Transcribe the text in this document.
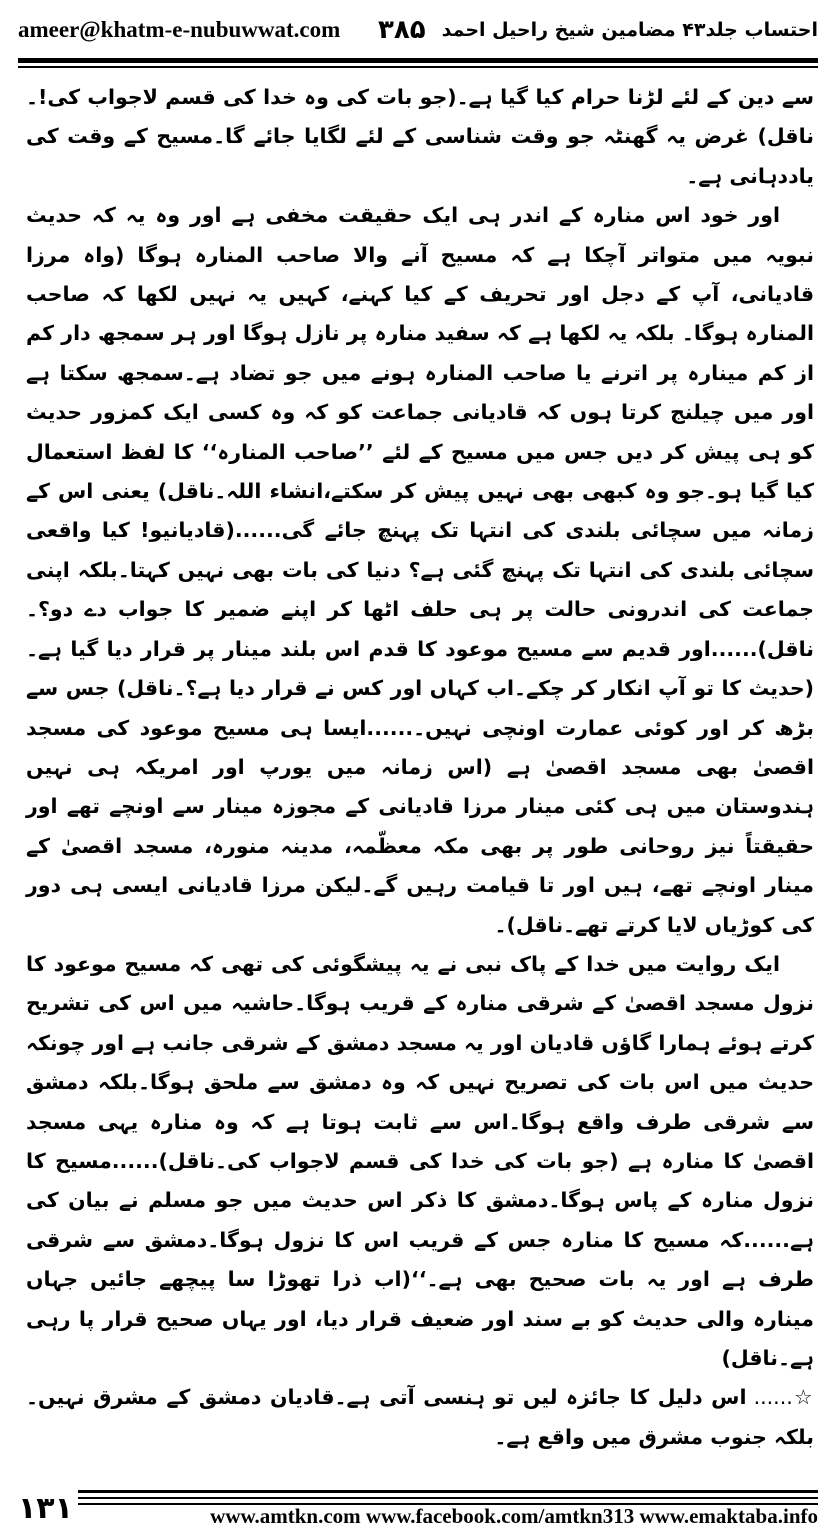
ameer@khatm-e-nubuwwat.com	احتساب جلد۴۳ مضامین شیخ راحیل احمد
۳۸۵

سے دین کے لئے لڑنا حرام کیا گیا ہے۔(جو بات کی وہ خدا کی قسم لاجواب کی!۔ناقل) غرض یہ گھنٹہ جو وقت شناسی کے لئے لگایا جائے گا۔مسیح کے وقت کی یاددہانی ہے۔

اور خود اس منارہ کے اندر ہی ایک حقیقت مخفی ہے اور وہ یہ کہ حدیث نبویہ میں متواتر آچکا ہے کہ مسیح آنے والا صاحب المنارہ ہوگا (واہ مرزا قادیانی، آپ کے دجل اور تحریف کے کیا کہنے، کہیں یہ نہیں لکھا کہ صاحب المنارہ ہوگا۔ بلکہ یہ لکھا ہے کہ سفید منارہ پر نازل ہوگا اور ہر سمجھ دار کم از کم مینارہ پر اترنے یا صاحب المنارہ ہونے میں جو تضاد ہے۔سمجھ سکتا ہے اور میں چیلنج کرتا ہوں کہ قادیانی جماعت کو کہ وہ کسی ایک کمزور حدیث کو ہی پیش کر دیں جس میں مسیح کے لئے ’’صاحب المنارہ‘‘ کا لفظ استعمال کیا گیا ہو۔جو وہ کبھی بھی نہیں پیش کر سکتے،انشاء اللہ۔ناقل) یعنی اس کے زمانہ میں سچائی بلندی کی انتہا تک پہنچ جائے گی......(قادیانیو! کیا واقعی سچائی بلندی کی انتہا تک پہنچ گئی ہے؟ دنیا کی بات بھی نہیں کہتا۔بلکہ اپنی جماعت کی اندرونی حالت پر ہی حلف اٹھا کر اپنے ضمیر کا جواب دے دو؟۔ناقل)......اور قدیم سے مسیح موعود کا قدم اس بلند مینار پر قرار دیا گیا ہے۔(حدیث کا تو آپ انکار کر چکے۔اب کہاں اور کس نے قرار دیا ہے؟۔ناقل) جس سے بڑھ کر اور کوئی عمارت اونچی نہیں۔......ایسا ہی مسیح موعود کی مسجد اقصیٰ بھی مسجد اقصیٰ ہے (اس زمانہ میں یورپ اور امریکہ ہی نہیں ہندوستان میں ہی کئی مینار مرزا قادیانی کے مجوزہ مینار سے اونچے تھے اور حقیقتاً نیز روحانی طور پر بھی مکہ معظّمہ، مدینہ منورہ، مسجد اقصیٰ کے مینار اونچے تھے، ہیں اور تا قیامت رہیں گے۔لیکن مرزا قادیانی ایسی ہی دور کی کوڑیاں لایا کرتے تھے۔ناقل)۔

ایک روایت میں خدا کے پاک نبی نے یہ پیشگوئی کی تھی کہ مسیح موعود کا نزول مسجد اقصیٰ کے شرقی منارہ کے قریب ہوگا۔حاشیہ میں اس کی تشریح کرتے ہوئے ہمارا گاؤں قادیان اور یہ مسجد دمشق کے شرقی جانب ہے اور چونکہ حدیث میں اس بات کی تصریح نہیں کہ وہ دمشق سے ملحق ہوگا۔بلکہ دمشق سے شرقی طرف واقع ہوگا۔اس سے ثابت ہوتا ہے کہ وہ منارہ یہی مسجد اقصیٰ کا منارہ ہے (جو بات کی خدا کی قسم لاجواب کی۔ناقل)......مسیح کا نزول منارہ کے پاس ہوگا۔دمشق کا ذکر اس حدیث میں جو مسلم نے بیان کی ہے......کہ مسیح کا منارہ جس کے قریب اس کا نزول ہوگا۔دمشق سے شرقی طرف ہے اور یہ بات صحیح بھی ہے۔‘‘(اب ذرا تھوڑا سا پیچھے جائیں جہاں مینارہ والی حدیث کو بے سند اور ضعیف قرار دیا، اور یہاں صحیح قرار پا رہی ہے۔ناقل)

☆...... اس دلیل کا جائزہ لیں تو ہنسی آتی ہے۔قادیان دمشق کے مشرق نہیں۔بلکہ جنوب مشرق میں واقع ہے۔

۱۳۱	www.amtkn.com www.facebook.com/amtkn313 www.emaktaba.info
